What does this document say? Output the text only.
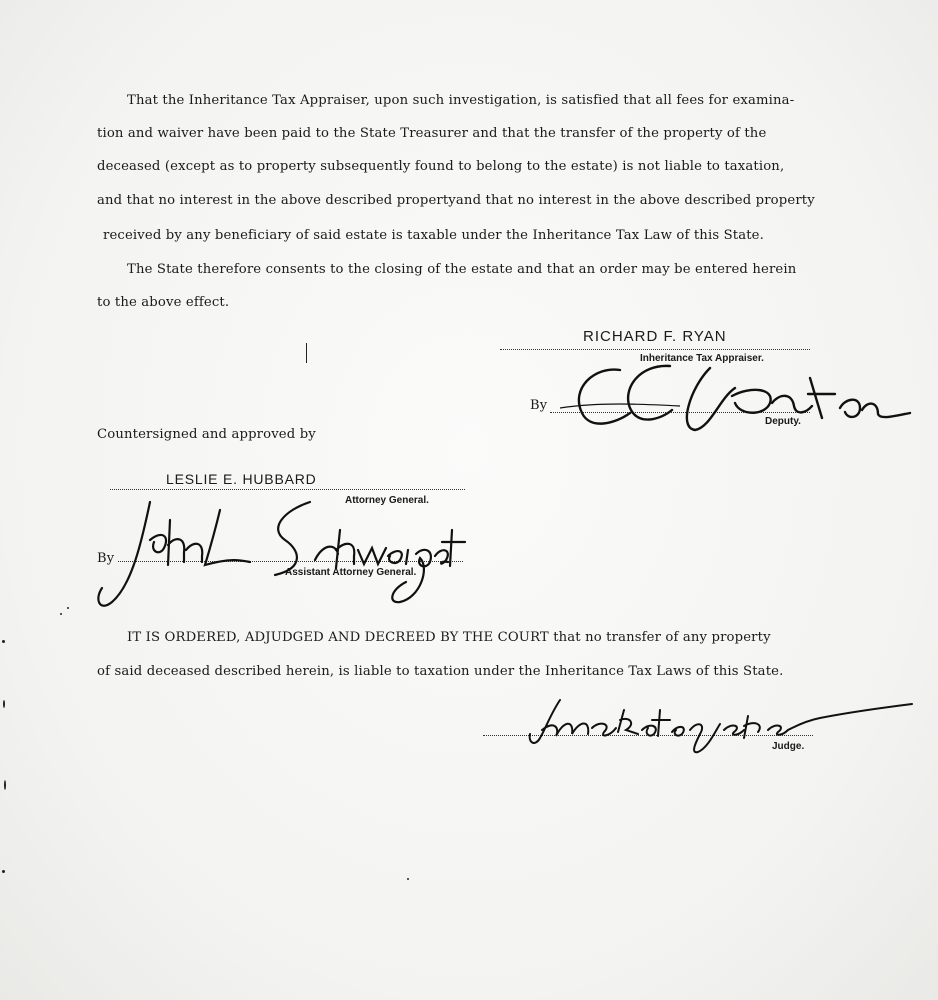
That the Inheritance Tax Appraiser, upon such investigation, is satisfied that all fees for examina-
tion and waiver have been paid to the State Treasurer and that the transfer of the property of the
deceased (except as to property subsequently found to belong to the estate) is not liable to taxation,
and that no interest in the above described propertyand that no interest in the above described property
received by any beneficiary of said estate is taxable under the Inheritance Tax Law of this State.
The State therefore consents to the closing of the estate and that an order may be entered herein
to the above effect.
RICHARD F. RYAN
Inheritance Tax Appraiser.
By
Deputy.
Countersigned and approved by
LESLIE E. HUBBARD
Attorney General.
By
Assistant Attorney General.
IT IS ORDERED, ADJUDGED AND DECREED BY THE COURT that no transfer of any property
of said deceased described herein, is liable to taxation under the Inheritance Tax Laws of this State.
Judge.
